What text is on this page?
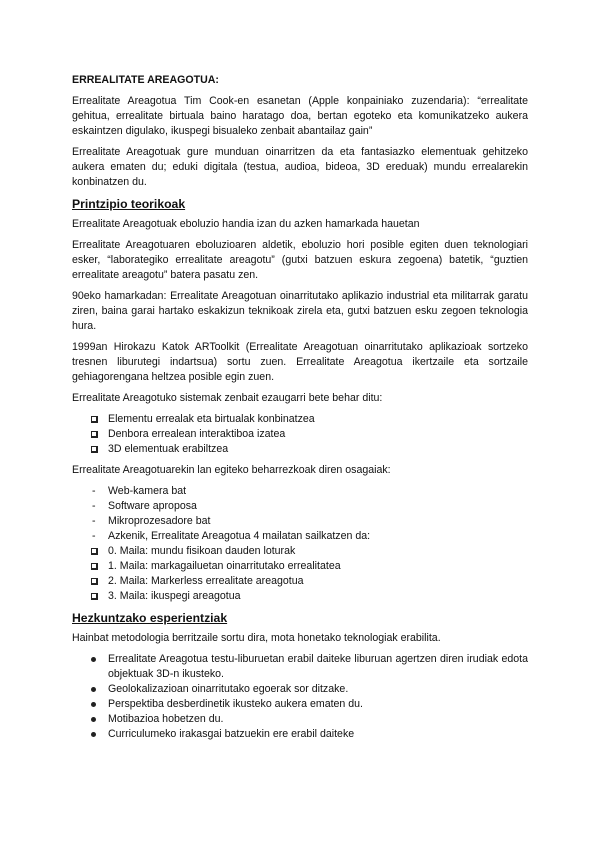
ERREALITATE AREAGOTUA:

Errealitate Areagotua Tim Cook-en esanetan (Apple konpainiako zuzendaria): “errealitate gehitua, errealitate birtuala baino haratago doa, bertan egoteko eta komunikatzeko aukera eskaintzen digulako, ikuspegi bisualeko zenbait abantailaz gain”

Errealitate Areagotuak gure munduan oinarritzen da eta fantasiazko elementuak gehitzeko aukera ematen du; eduki digitala (testua, audioa, bideoa, 3D ereduak) mundu errealarekin konbinatzen du.

Printzipio teorikoak

Errealitate Areagotuak eboluzio handia izan du azken hamarkada hauetan

Errealitate Areagotuaren eboluzioaren aldetik, eboluzio hori posible egiten duen teknologiari esker, “laborategiko errealitate areagotu” (gutxi batzuen eskura zegoena) batetik, “guztien errealitate areagotu” batera pasatu zen.

90eko hamarkadan: Errealitate Areagotuan oinarritutako aplikazio industrial eta militarrak garatu ziren, baina garai hartako eskakizun teknikoak zirela eta, gutxi batzuen esku zegoen teknologia hura.

1999an Hirokazu Katok ARToolkit (Errealitate Areagotuan oinarritutako aplikazioak sortzeko tresnen liburutegi indartsua) sortu zuen. Errealitate Areagotua ikertzaile eta sortzaile gehiagorengana heltzea posible egin zuen.

Errealitate Areagotuko sistemak zenbait ezaugarri bete behar ditu:

Elementu errealak eta birtualak konbinatzea
Denbora errealean interaktiboa izatea
3D elementuak erabiltzea

Errealitate Areagotuarekin lan egiteko beharrezkoak diren osagaiak:

-	Web-kamera bat
-	Software aproposa
-	Mikroprozesadore bat
-	Azkenik, Errealitate Areagotua 4 mailatan sailkatzen da:
0. Maila: mundu fisikoan dauden loturak
1. Maila: markagailuetan oinarritutako errealitatea
2. Maila: Markerless errealitate areagotua
3. Maila: ikuspegi areagotua
Hezkuntzako esperientziak

Hainbat metodologia berritzaile sortu dira, mota honetako teknologiak erabilita.

Errealitate Areagotua testu-liburuetan erabil daiteke liburuan agertzen diren irudiak edota objektuak 3D-n ikusteko.
Geolokalizazioan oinarritutako egoerak sor ditzake.
Perspektiba desberdinetik ikusteko aukera ematen du.
Motibazioa hobetzen du.
Curriculumeko irakasgai batzuekin ere erabil daiteke
